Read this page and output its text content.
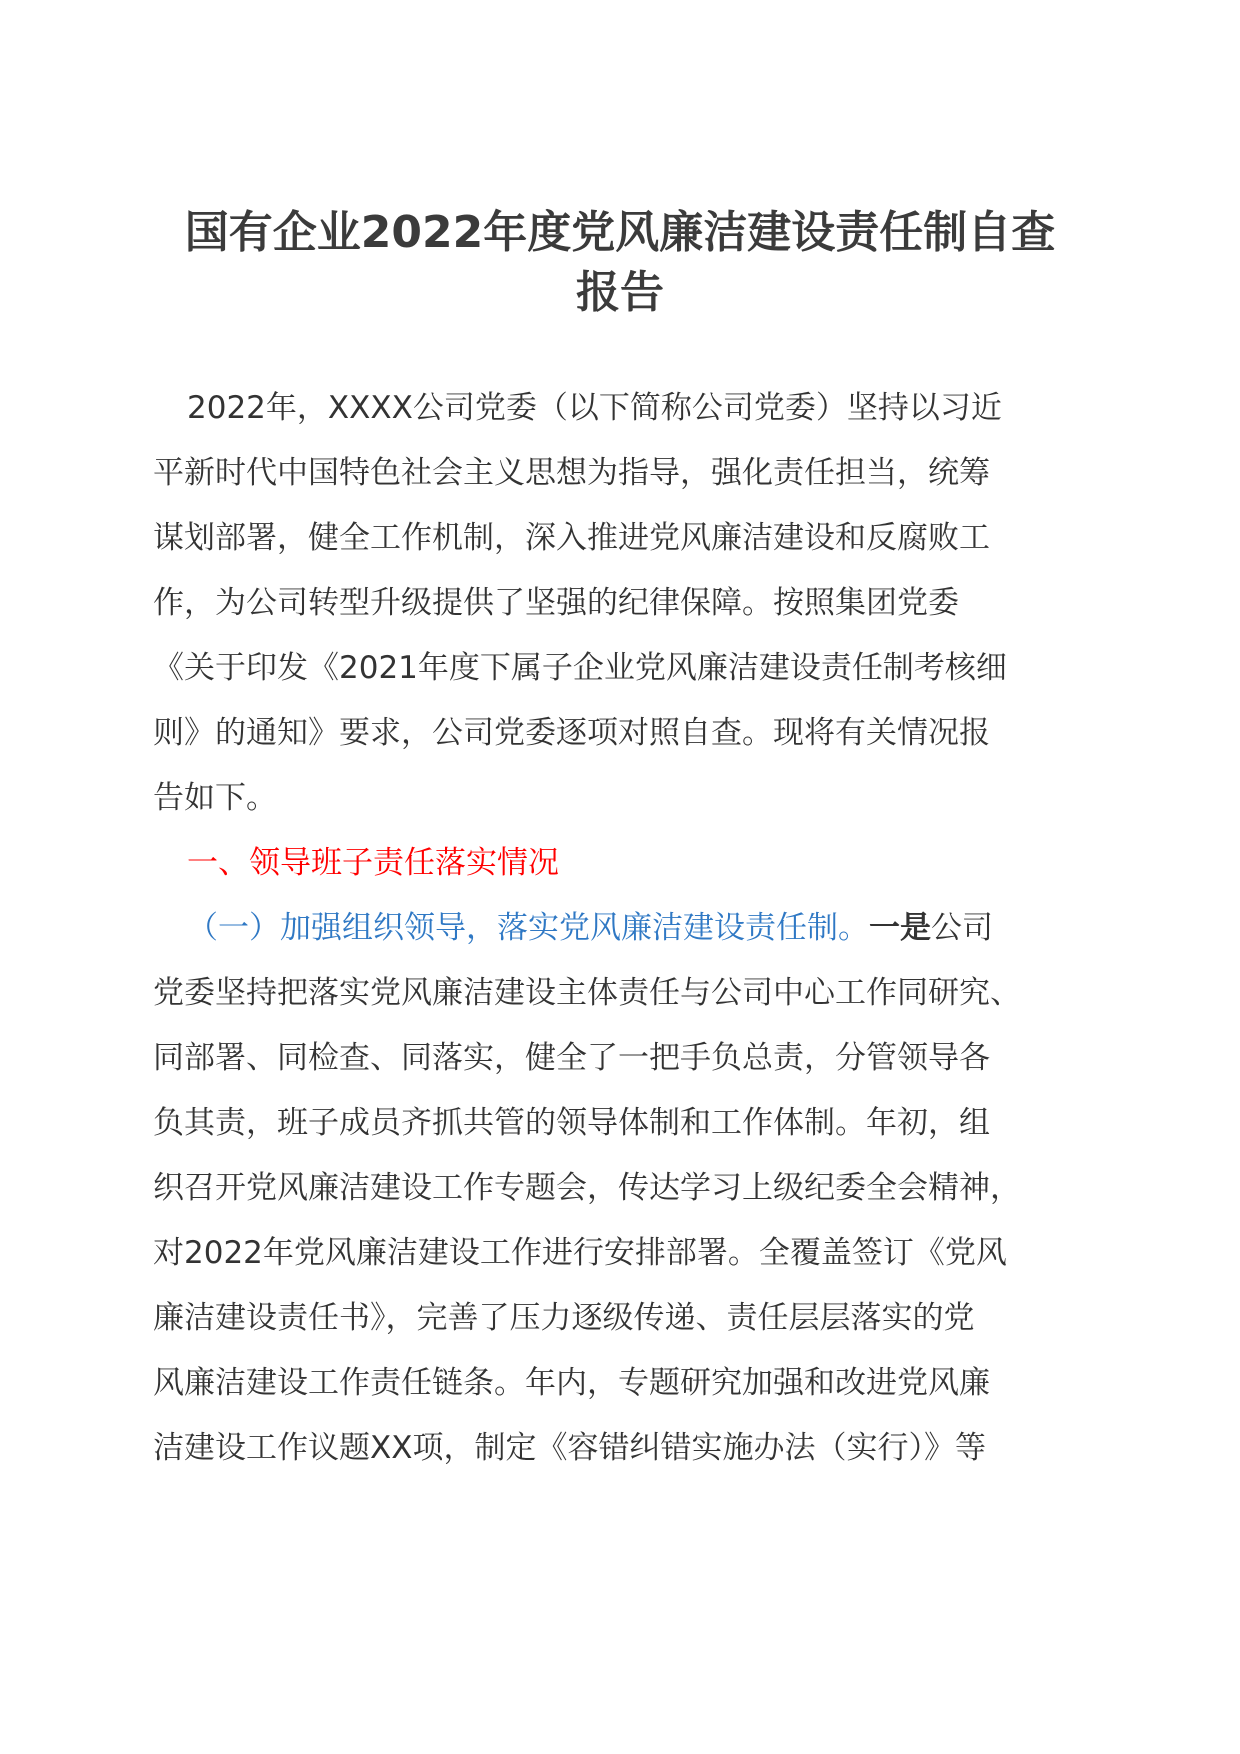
国有企业2022年度党风廉洁建设责任制自查
报告
2022年，XXXX公司党委（以下简称公司党委）坚持以习近
平新时代中国特色社会主义思想为指导，强化责任担当，统筹
谋划部署，健全工作机制，深入推进党风廉洁建设和反腐败工
作，为公司转型升级提供了坚强的纪律保障。按照集团党委
《关于印发《2021年度下属子企业党风廉洁建设责任制考核细
则》的通知》要求，公司党委逐项对照自查。现将有关情况报
告如下。
一、领导班子责任落实情况
（一）加强组织领导，落实党风廉洁建设责任制。一是公司
党委坚持把落实党风廉洁建设主体责任与公司中心工作同研究、
同部署、同检查、同落实，健全了一把手负总责，分管领导各
负其责，班子成员齐抓共管的领导体制和工作体制。年初，组
织召开党风廉洁建设工作专题会，传达学习上级纪委全会精神，
对2022年党风廉洁建设工作进行安排部署。全覆盖签订《党风
廉洁建设责任书》，完善了压力逐级传递、责任层层落实的党
风廉洁建设工作责任链条。年内，专题研究加强和改进党风廉
洁建设工作议题XX项，制定《容错纠错实施办法（实行）》等
